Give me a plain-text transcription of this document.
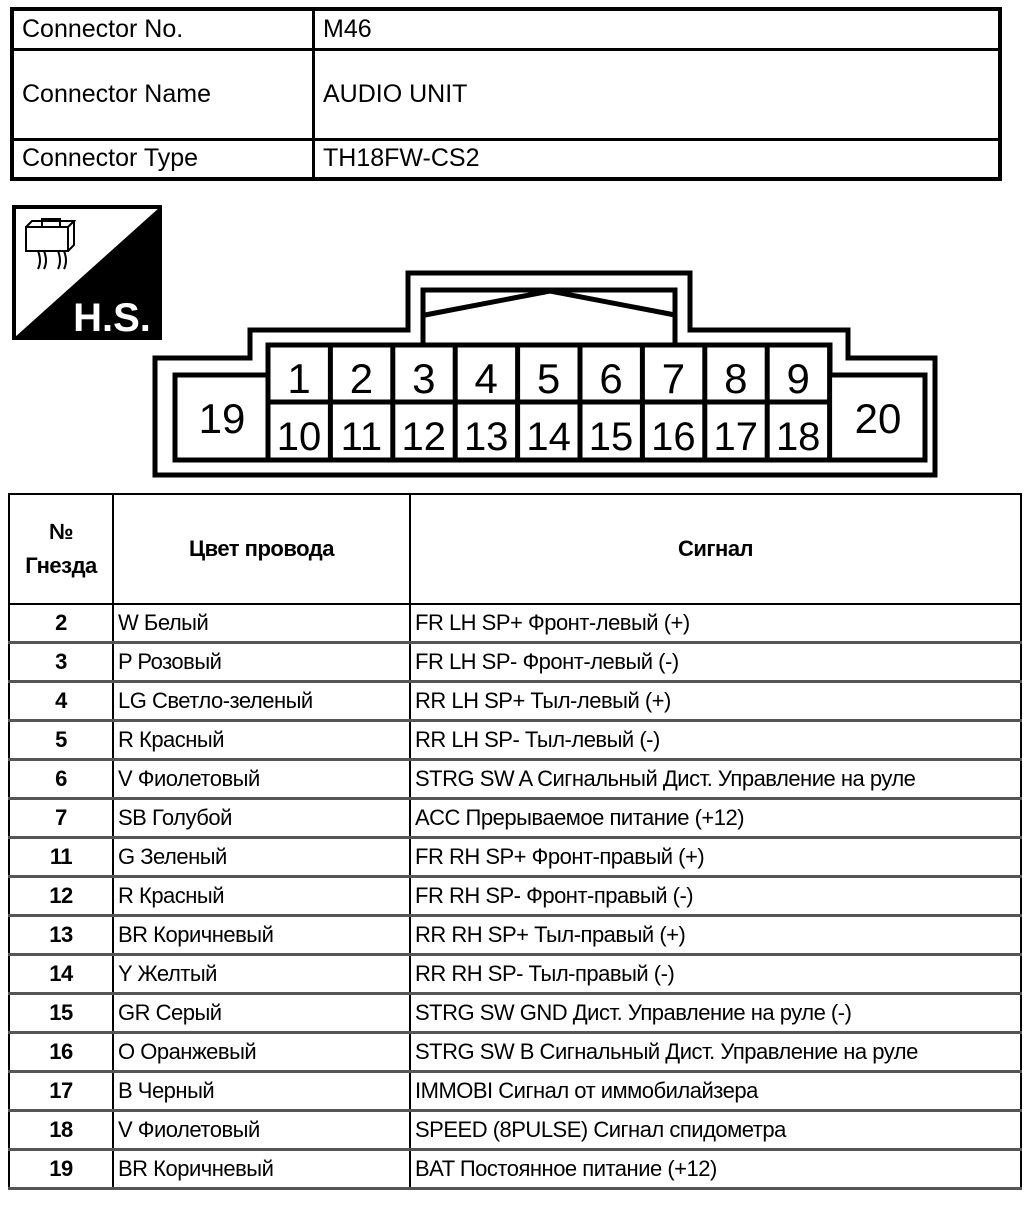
Connector No.	M46
Connector Name	AUDIO UNIT
Connector Type	TH18FW-CS2
H.S.
1 2 3 4 5 6 7 8 9
10 11 12 13 14 15 16 17 18
19	20
№
Гнезда	Цвет провода	Сигнал
2	W Белый	FR LH SP+ Фронт-левый (+)
3	P Розовый	FR LH SP- Фронт-левый (-)
4	LG Светло-зеленый	RR LH SP+ Тыл-левый (+)
5	R Красный	RR LH SP- Тыл-левый (-)
6	V Фиолетовый	STRG SW A Сигнальный Дист. Управление на руле
7	SB Голубой	ACC Прерываемое питание (+12)
11	G Зеленый	FR RH SP+ Фронт-правый (+)
12	R Красный	FR RH SP- Фронт-правый (-)
13	BR Коричневый	RR RH SP+ Тыл-правый (+)
14	Y Желтый	RR RH SP- Тыл-правый (-)
15	GR Серый	STRG SW GND Дист. Управление на руле (-)
16	O Оранжевый	STRG SW B Сигнальный Дист. Управление на руле
17	B Черный	IMMOBI Сигнал от иммобилайзера
18	V Фиолетовый	SPEED (8PULSE) Сигнал спидометра
19	BR Коричневый	BAT Постоянное питание (+12)
